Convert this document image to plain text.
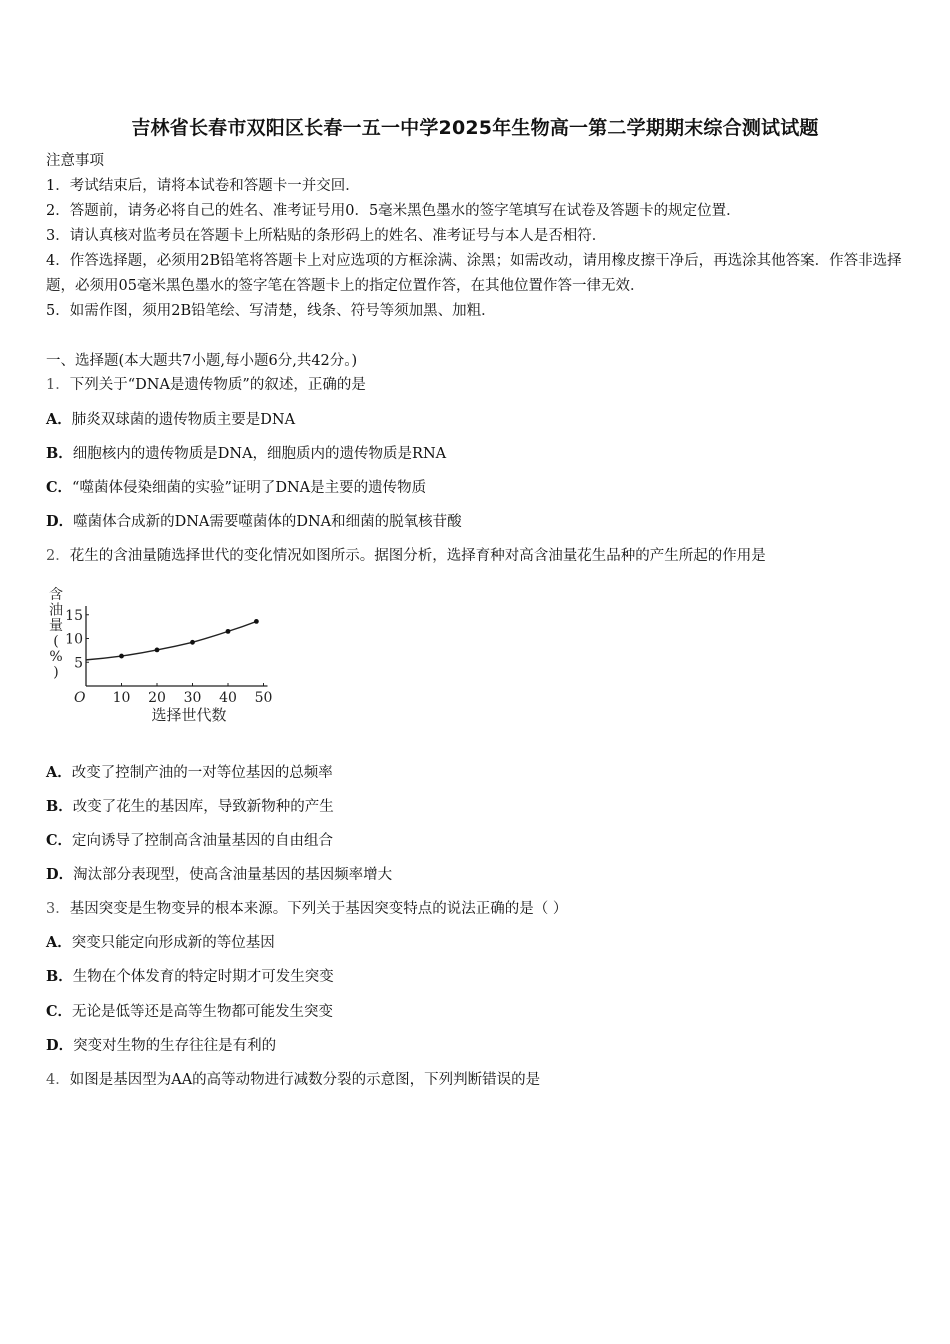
吉林省长春市双阳区长春一五一中学2025年生物高一第二学期期末综合测试试题
注意事项
1．考试结束后，请将本试卷和答题卡一并交回．
2．答题前，请务必将自己的姓名、准考证号用0．5毫米黑色墨水的签字笔填写在试卷及答题卡的规定位置．
3．请认真核对监考员在答题卡上所粘贴的条形码上的姓名、准考证号与本人是否相符．
4．作答选择题，必须用2B铅笔将答题卡上对应选项的方框涂满、涂黑；如需改动，请用橡皮擦干净后，再选涂其他答案．作答非选择题，必须用05毫米黑色墨水的签字笔在答题卡上的指定位置作答，在其他位置作答一律无效．
5．如需作图，须用2B铅笔绘、写清楚，线条、符号等须加黑、加粗．
一、选择题(本大题共7小题,每小题6分,共42分。)
1．下列关于“DNA是遗传物质”的叙述，正确的是
A．肺炎双球菌的遗传物质主要是DNA
B．细胞核内的遗传物质是DNA，细胞质内的遗传物质是RNA
C．“噬菌体侵染细菌的实验”证明了DNA是主要的遗传物质
D．噬菌体合成新的DNA需要噬菌体的DNA和细菌的脱氧核苷酸
2．花生的含油量随选择世代的变化情况如图所示。据图分析，选择育种对高含油量花生品种的产生所起的作用是
O 10 20 30 40 50
5
10
15
含
油
量
(
%
)
选择世代数
A．改变了控制产油的一对等位基因的总频率
B．改变了花生的基因库，导致新物种的产生
C．定向诱导了控制高含油量基因的自由组合
D．淘汰部分表现型，使高含油量基因的基因频率增大
3．基因突变是生物变异的根本来源。下列关于基因突变特点的说法正确的是（ ）
A．突变只能定向形成新的等位基因
B．生物在个体发育的特定时期才可发生突变
C．无论是低等还是高等生物都可能发生突变
D．突变对生物的生存往往是有利的
4．如图是基因型为AA的高等动物进行减数分裂的示意图，下列判断错误的是
